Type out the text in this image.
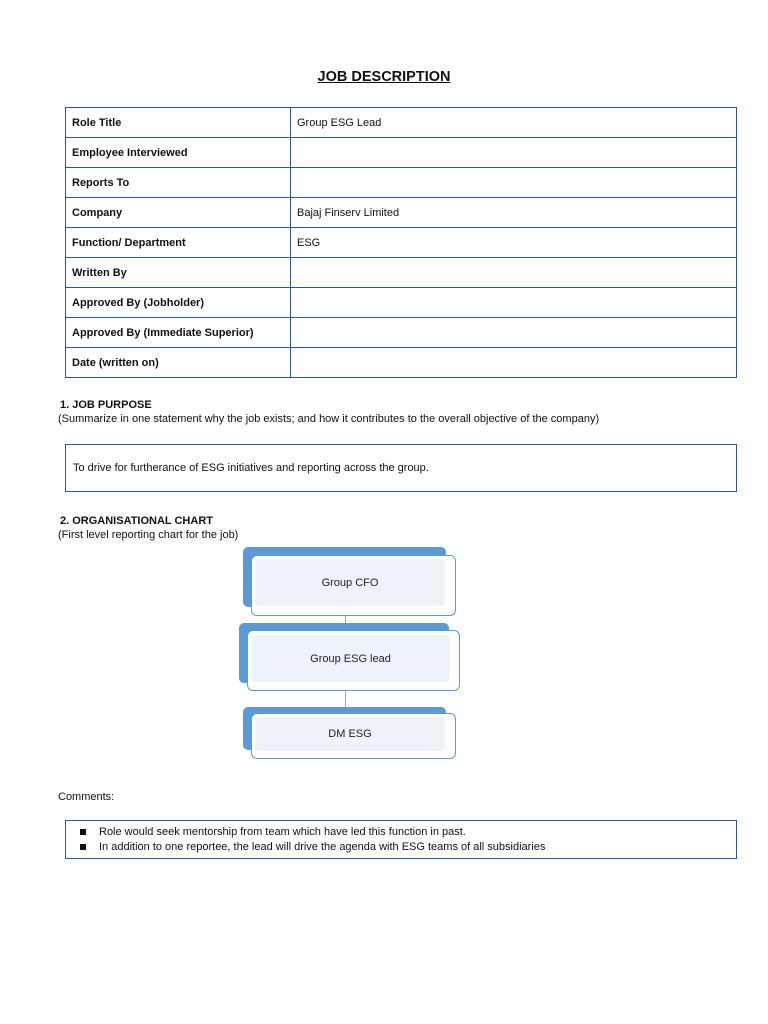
JOB DESCRIPTION
Role Title	Group ESG Lead
Employee Interviewed	
Reports To	
Company	Bajaj Finserv Limited
Function/ Department	ESG
Written By	
Approved By (Jobholder)	
Approved By (Immediate Superior)	
Date (written on)	
1. JOB PURPOSE
(Summarize in one statement why the job exists; and how it contributes to the overall objective of the company)
To drive for furtherance of ESG initiatives and reporting across the group.
2. ORGANISATIONAL CHART
(First level reporting chart for the job)
Group CFO
Group ESG lead
DM ESG
Comments:
Role would seek mentorship from team which have led this function in past.
In addition to one reportee, the lead will drive the agenda with ESG teams of all subsidiaries
